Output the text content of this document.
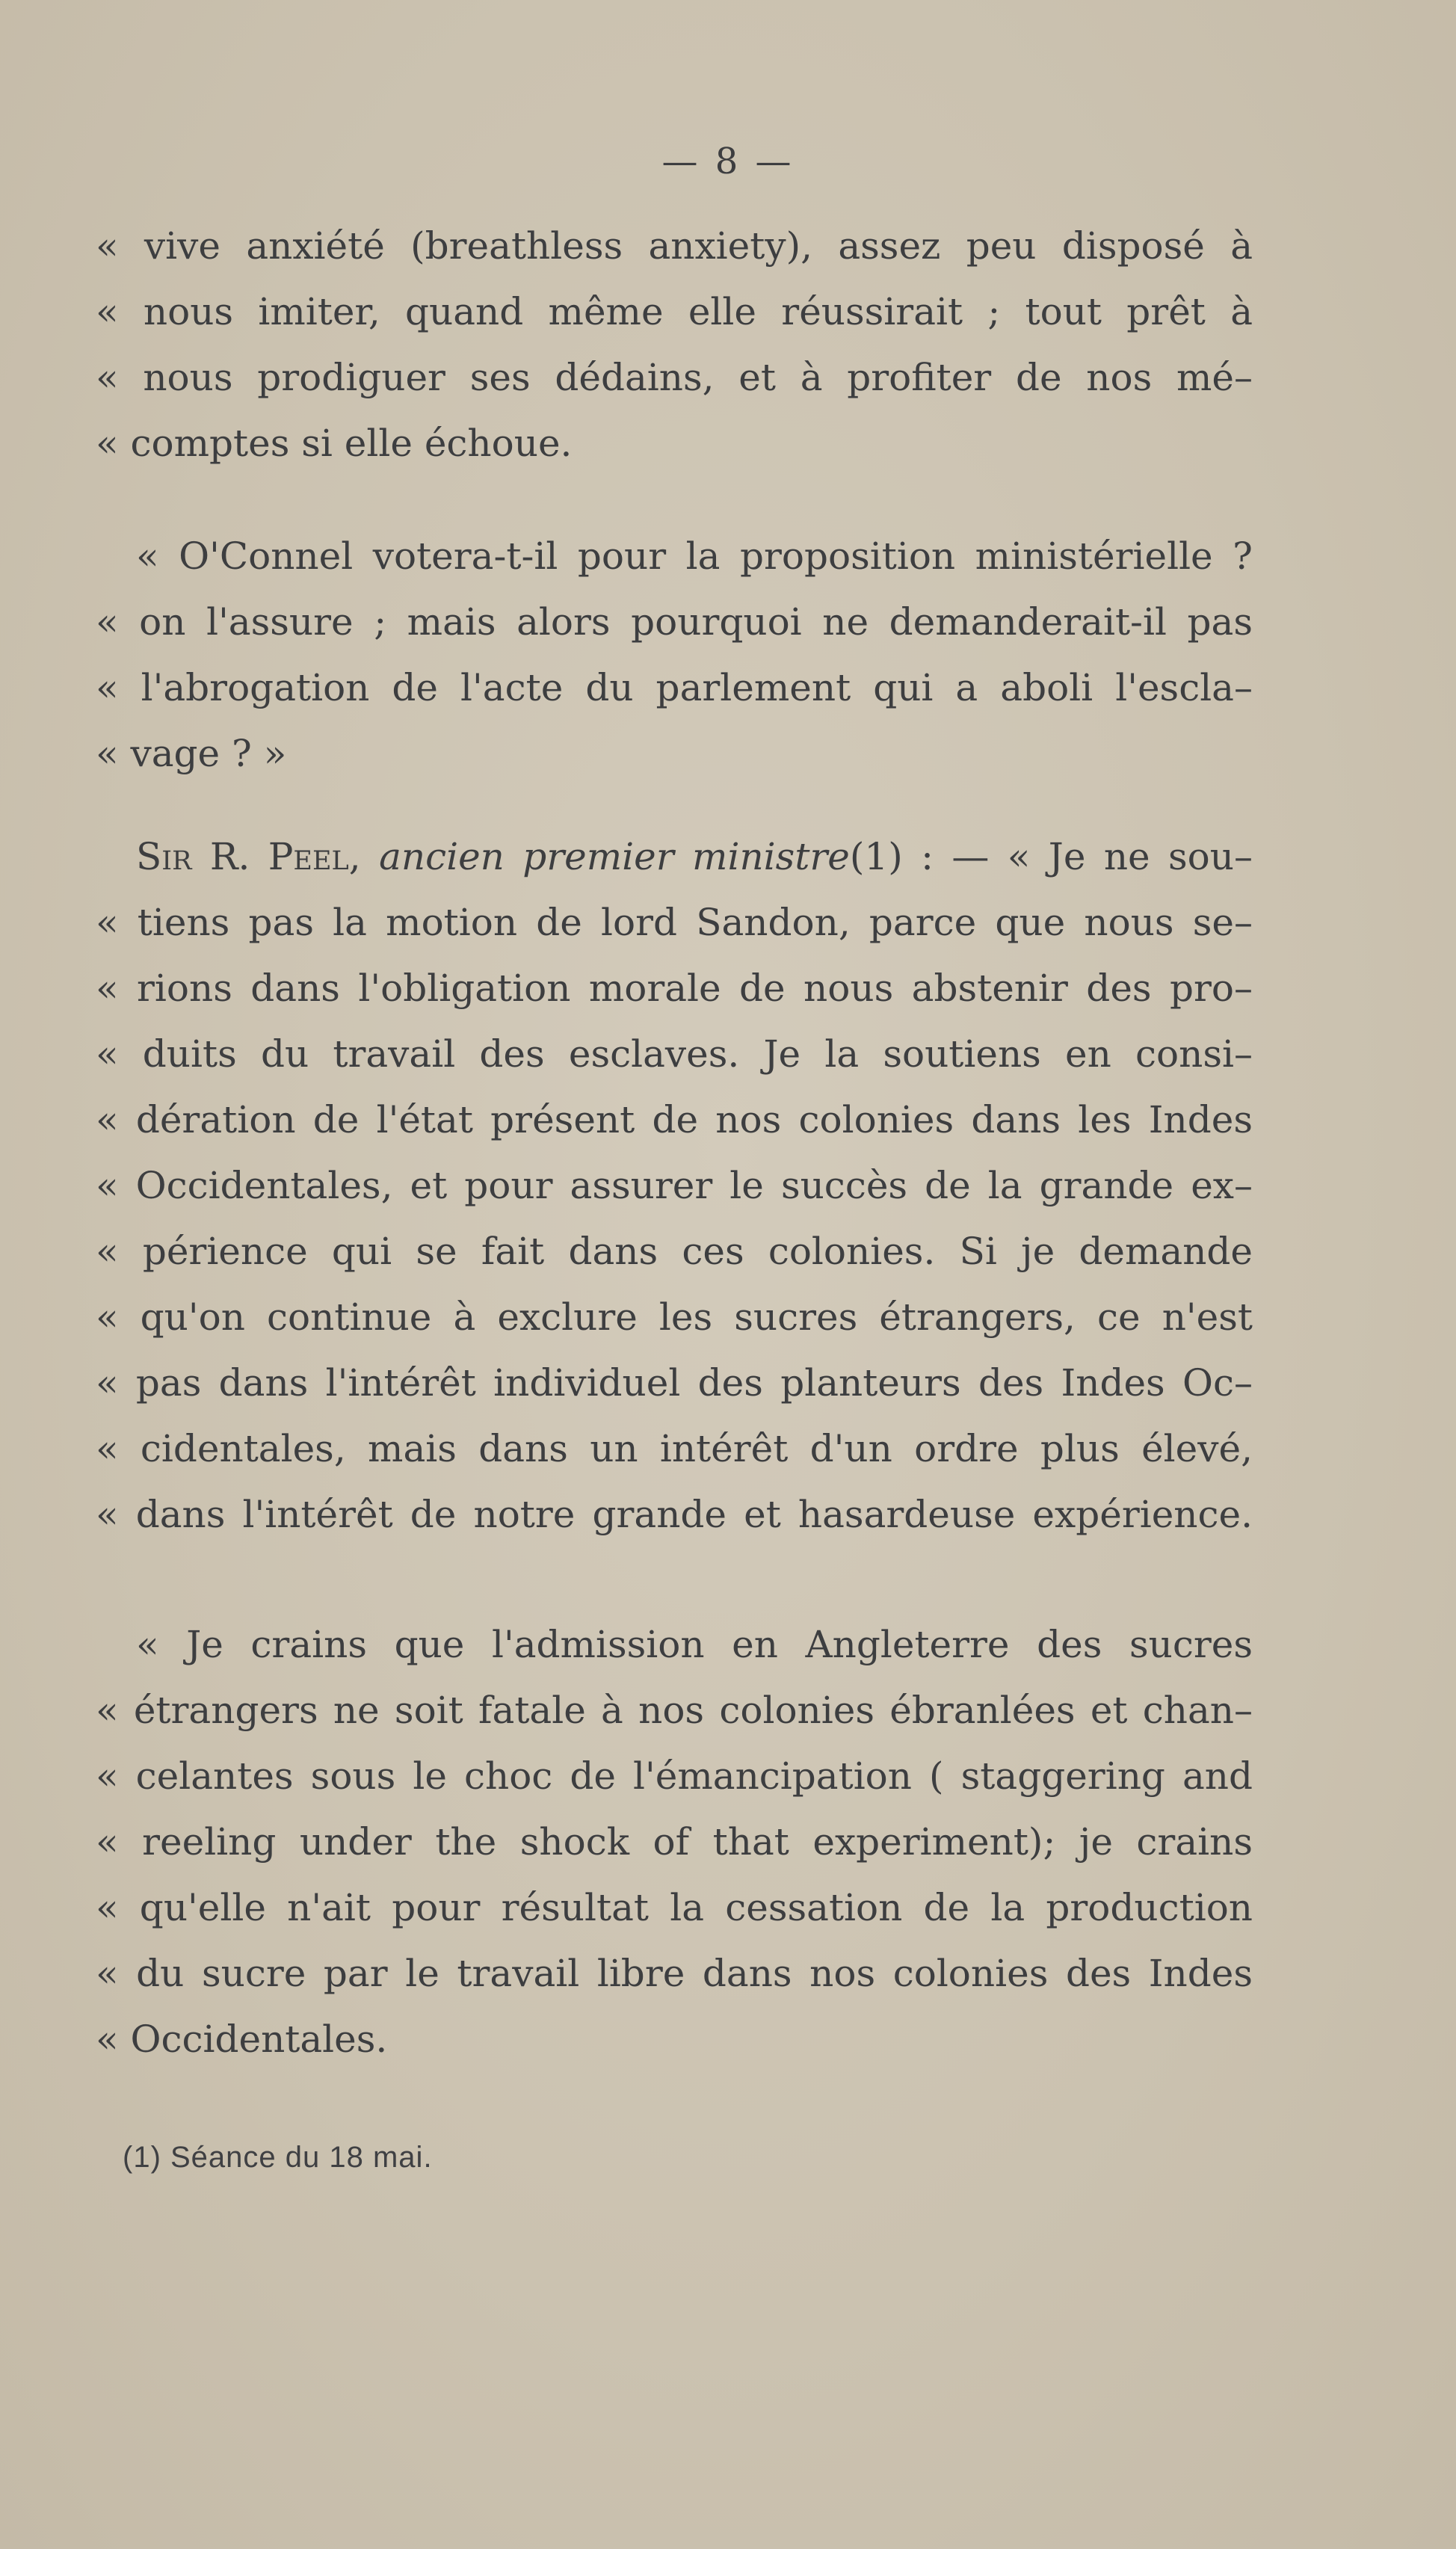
— 8 —
« vive anxiété (breathless anxiety), assez peu disposé à
« nous imiter, quand même elle réussirait ; tout prêt à
« nous prodiguer ses dédains, et à profiter de nos mé–
« comptes si elle échoue.
« O'Connel votera-t-il pour la proposition ministérielle ?
« on l'assure ; mais alors pourquoi ne demanderait-il pas
« l'abrogation de l'acte du parlement qui a aboli l'escla–
« vage ? »
Sir R. Peel, ancien premier ministre(1) : — « Je ne sou–
« tiens pas la motion de lord Sandon, parce que nous se–
« rions dans l'obligation morale de nous abstenir des pro–
« duits du travail des esclaves. Je la soutiens en consi–
« dération de l'état présent de nos colonies dans les Indes
« Occidentales, et pour assurer le succès de la grande ex–
« périence qui se fait dans ces colonies. Si je demande
« qu'on continue à exclure les sucres étrangers, ce n'est
« pas dans l'intérêt individuel des planteurs des Indes Oc–
« cidentales, mais dans un intérêt d'un ordre plus élevé,
« dans l'intérêt de notre grande et hasardeuse expérience.
« Je crains que l'admission en Angleterre des sucres
« étrangers ne soit fatale à nos colonies ébranlées et chan–
« celantes sous le choc de l'émancipation ( staggering and
« reeling under the shock of that experiment); je crains
« qu'elle n'ait pour résultat la cessation de la production
« du sucre par le travail libre dans nos colonies des Indes
« Occidentales.
(1) Séance du 18 mai.
